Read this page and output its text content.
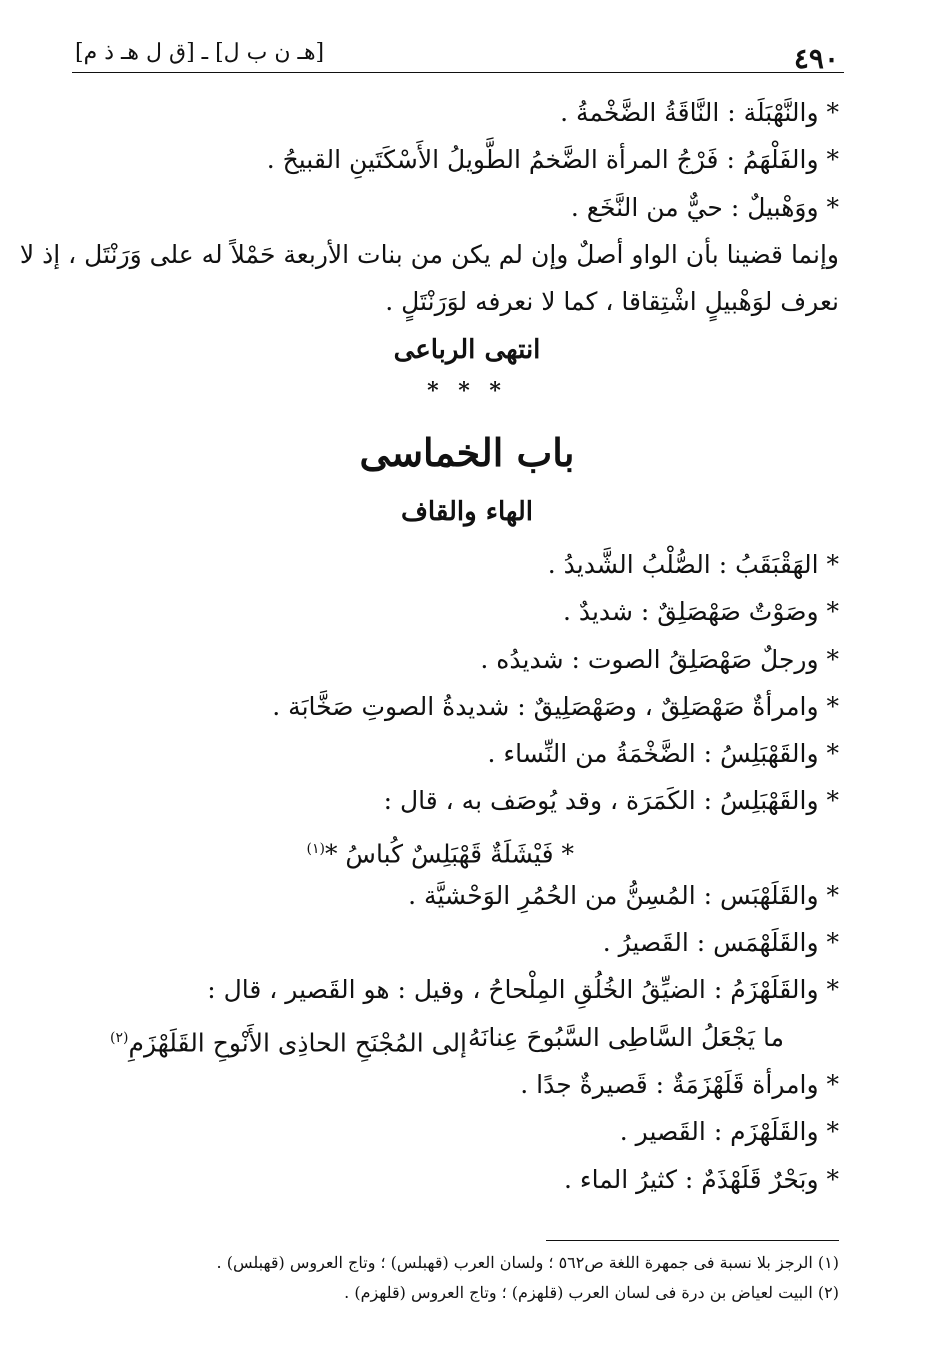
٤٩٠
[هـ ن ب ل] ـ [ق ل هـ ذ م]
* والنَّهْبَلَة : النَّاقَةُ الضَّخْمةُ .
* والفَلْهَمُ : فَرْجُ المرأة الضَّخمُ الطَّويلُ الأَسْكَتَينِ القبيحُ .
* ووَهْبيلٌ : حيٌّ من النَّخَع .
وإنما قضينا بأن الواو أصلٌ وإن لم يكن من بنات الأربعة حَمْلاً له على وَرَنْتَل ، إذ لا
نعرف لوَهْبيلٍ اشْتِقاقا ، كما لا نعرفه لوَرَنْتَلٍ .
انتهى الرباعى
* * *
باب الخماسى
الهاء والقاف
* الهَقْبَقَبُ : الصُّلْبُ الشَّديدُ .
* وصَوْتٌ صَهْصَلِقٌ : شديدٌ .
* ورجلٌ صَهْصَلِقُ الصوت : شديدُه .
* وامرأةٌ صَهْصَلِقٌ ، وصَهْصَلِيقٌ : شديدةُ الصوتِ صَخَّابَة .
* والقَهْبَلِسُ : الضَّخْمَةُ من النِّساء .
* والقَهْبَلِسُ : الكَمَرَة ، وقد يُوصَف به ، قال :
* فَيْشَلَةٌ قَهْبَلِسٌ كُباسُ *$^{(١)}$
* والقَلَهْبَس : المُسِنُّ من الحُمُرِ الوَحْشيَّة .
* والقَلَهْمَس : القَصيرُ .
* والقَلَهْزَمُ : الضيِّقُ الخُلُقِ المِلْحاحُ ، وقيل : هو القَصير ، قال :
ما يَجْعَلُ السَّاطِى السَّبُوحَ عِنانَهُ
إلى المُجْنَحِ الحاذِى الأَنْوحِ القَلَهْزَمِ$^{(٢)}$
* وامرأة قَلَهْزَمَةٌ : قَصيرةٌ جدًا .
* والقَلَهْزَم : القَصير .
* وبَحْرٌ قَلَهْذَمٌ : كثيرُ الماء .
(١) الرجز بلا نسبة فى جمهرة اللغة ص٥٦٢ ؛ ولسان العرب (قهبلس) ؛ وتاج العروس (قهبلس) .
(٢) البيت لعياض بن درة فى لسان العرب (قلهزم) ؛ وتاج العروس (قلهزم) .
